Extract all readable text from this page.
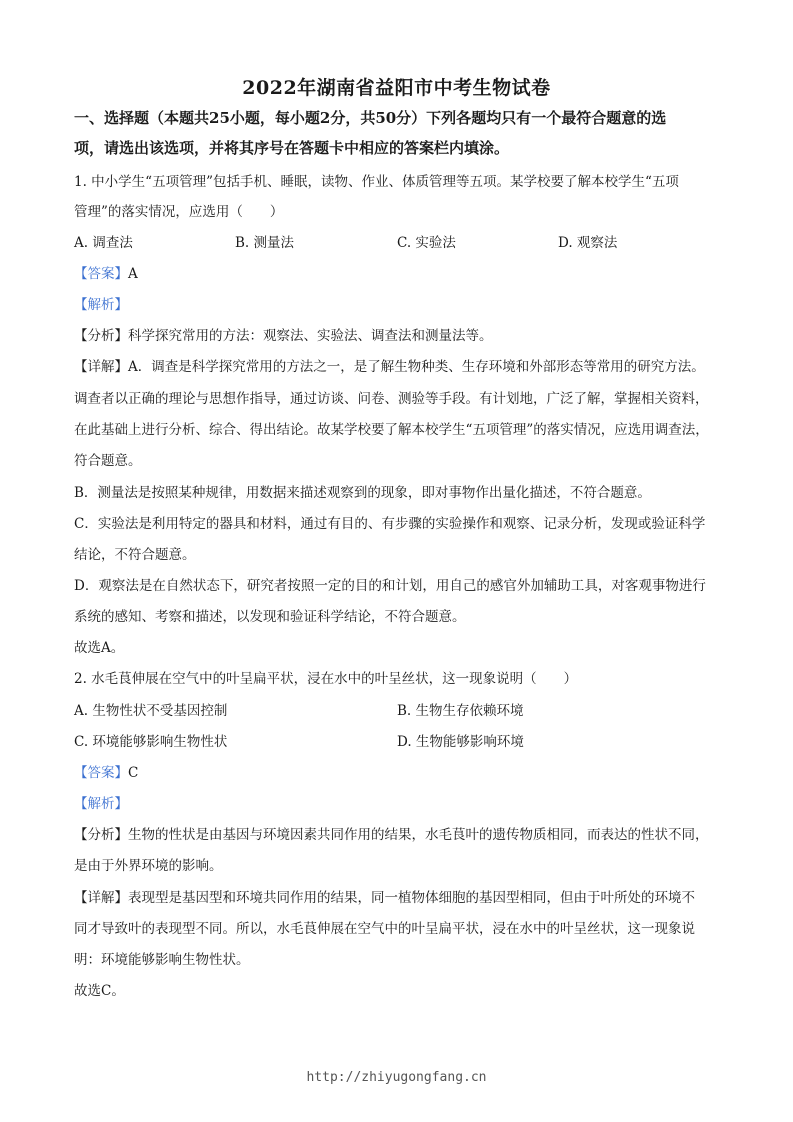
2022年湖南省益阳市中考生物试卷
一、选择题（本题共25小题，每小题2分，共50分）下列各题均只有一个最符合题意的选
项，请选出该选项，并将其序号在答题卡中相应的答案栏内填涂。
1. 中小学生“五项管理”包括手机、睡眠，读物、作业、体质管理等五项。某学校要了解本校学生“五项
管理”的落实情况，应选用（　　）
A. 调查法	B. 测量法	C. 实验法	D. 观察法
【答案】A
【解析】
【分析】科学探究常用的方法：观察法、实验法、调查法和测量法等。
【详解】A．调查是科学探究常用的方法之一，是了解生物种类、生存环境和外部形态等常用的研究方法。
调查者以正确的理论与思想作指导，通过访谈、问卷、测验等手段。有计划地，广泛了解，掌握相关资料，
在此基础上进行分析、综合、得出结论。故某学校要了解本校学生“五项管理”的落实情况，应选用调查法，
符合题意。
B．测量法是按照某种规律，用数据来描述观察到的现象，即对事物作出量化描述，不符合题意。
C．实验法是利用特定的器具和材料，通过有目的、有步骤的实验操作和观察、记录分析，发现或验证科学
结论，不符合题意。
D．观察法是在自然状态下，研究者按照一定的目的和计划，用自己的感官外加辅助工具，对客观事物进行
系统的感知、考察和描述，以发现和验证科学结论，不符合题意。
故选A。
2. 水毛茛伸展在空气中的叶呈扁平状，浸在水中的叶呈丝状，这一现象说明（　　）
A. 生物性状不受基因控制	B. 生物生存依赖环境
C. 环境能够影响生物性状	D. 生物能够影响环境
【答案】C
【解析】
【分析】生物的性状是由基因与环境因素共同作用的结果，水毛茛叶的遗传物质相同，而表达的性状不同，
是由于外界环境的影响。
【详解】表现型是基因型和环境共同作用的结果，同一植物体细胞的基因型相同，但由于叶所处的环境不
同才导致叶的表现型不同。所以，水毛茛伸展在空气中的叶呈扁平状，浸在水中的叶呈丝状，这一现象说
明：环境能够影响生物性状。
故选C。
http://zhiyugongfang.cn
